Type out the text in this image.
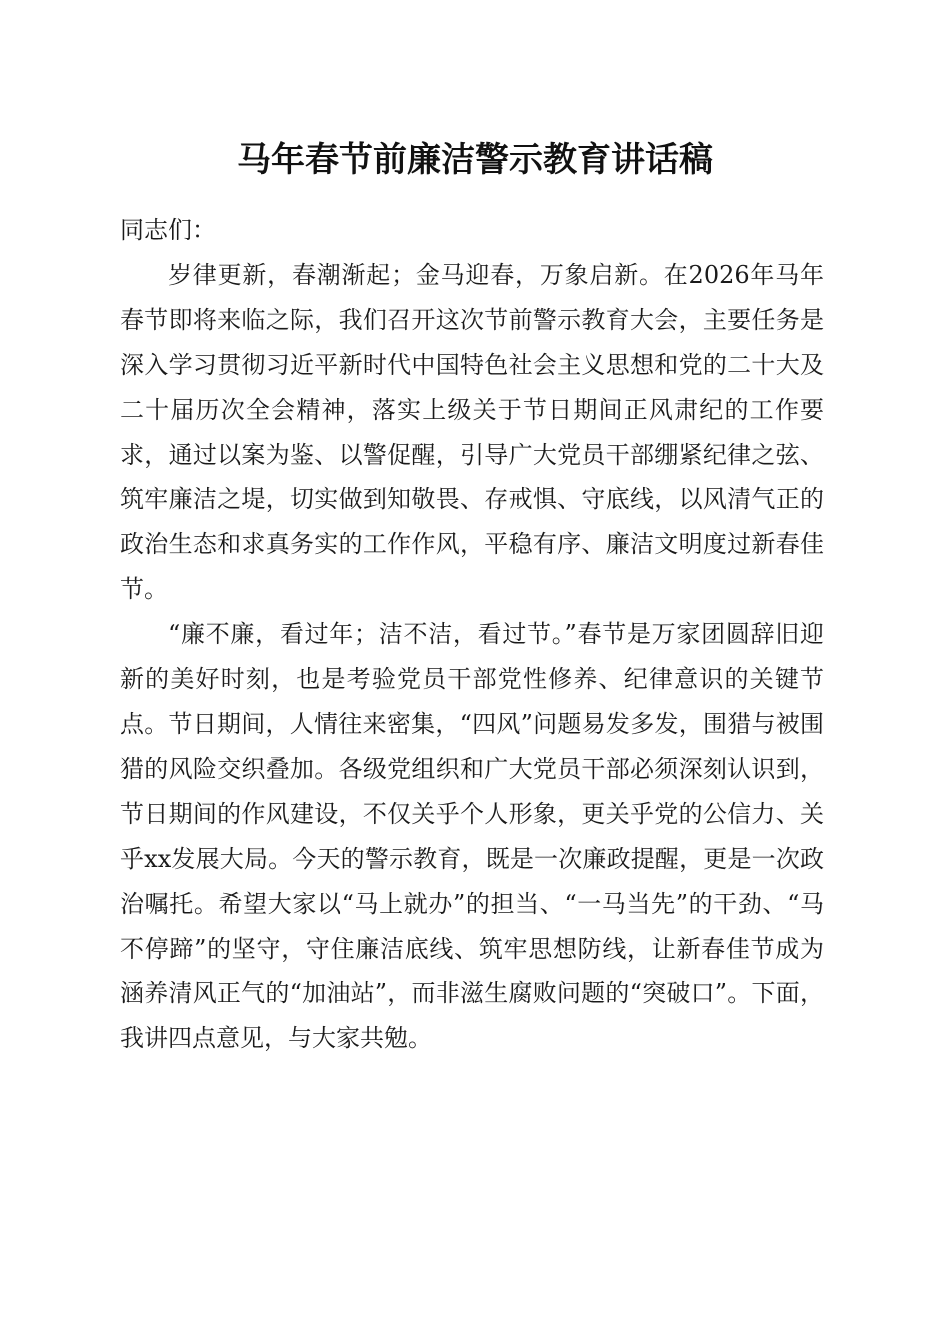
马年春节前廉洁警示教育讲话稿

同志们：

岁律更新，春潮渐起；金马迎春，万象启新。在2026年马年春节即将来临之际，我们召开这次节前警示教育大会，主要任务是深入学习贯彻习近平新时代中国特色社会主义思想和党的二十大及二十届历次全会精神，落实上级关于节日期间正风肃纪的工作要求，通过以案为鉴、以警促醒，引导广大党员干部绷紧纪律之弦、筑牢廉洁之堤，切实做到知敬畏、存戒惧、守底线，以风清气正的政治生态和求真务实的工作作风，平稳有序、廉洁文明度过新春佳节。

“廉不廉，看过年；洁不洁，看过节。”春节是万家团圆辞旧迎新的美好时刻，也是考验党员干部党性修养、纪律意识的关键节点。节日期间，人情往来密集，“四风”问题易发多发，围猎与被围猎的风险交织叠加。各级党组织和广大党员干部必须深刻认识到，节日期间的作风建设，不仅关乎个人形象，更关乎党的公信力、关乎xx发展大局。今天的警示教育，既是一次廉政提醒，更是一次政治嘱托。希望大家以“马上就办”的担当、“一马当先”的干劲、“马不停蹄”的坚守，守住廉洁底线、筑牢思想防线，让新春佳节成为涵养清风正气的“加油站”，而非滋生腐败问题的“突破口”。下面，我讲四点意见，与大家共勉。
